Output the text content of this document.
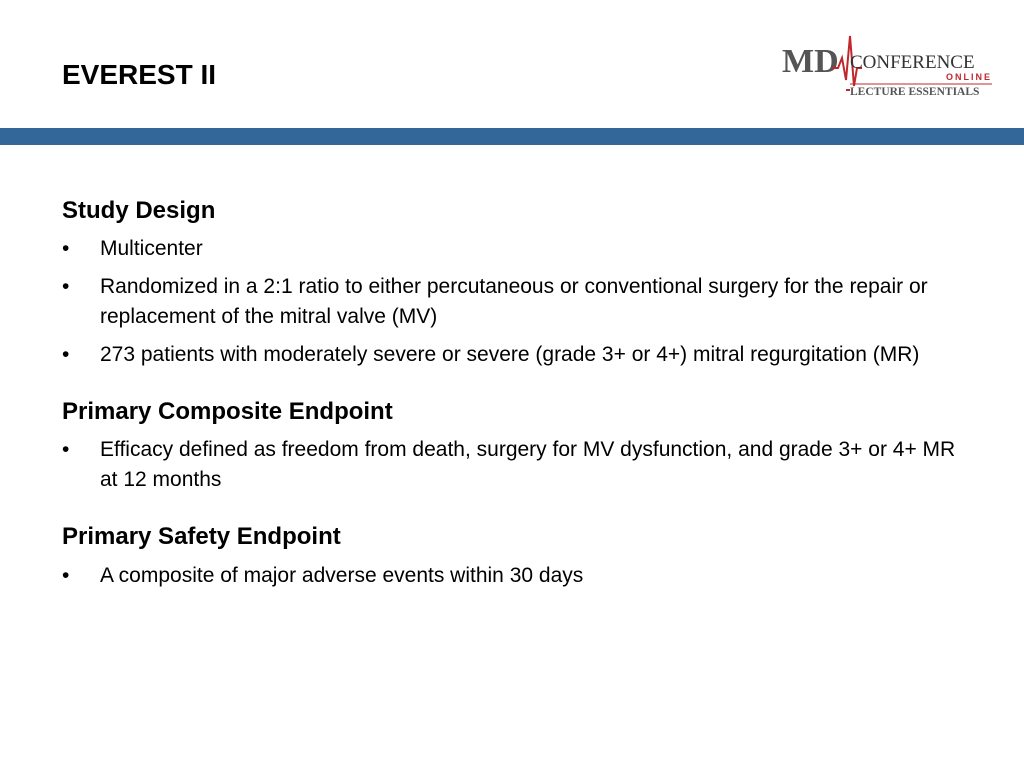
EVEREST II	MD CONFERENCE
ONLINE
LECTURE ESSENTIALS
Study Design
• Multicenter
• Randomized in a 2:1 ratio to either percutaneous or conventional surgery for the repair or replacement of the mitral valve (MV)
• 273 patients with moderately severe or severe (grade 3+ or 4+) mitral regurgitation (MR)
Primary Composite Endpoint
• Efficacy defined as freedom from death, surgery for MV dysfunction, and grade 3+ or 4+ MR at 12 months
Primary Safety Endpoint
• A composite of major adverse events within 30 days
